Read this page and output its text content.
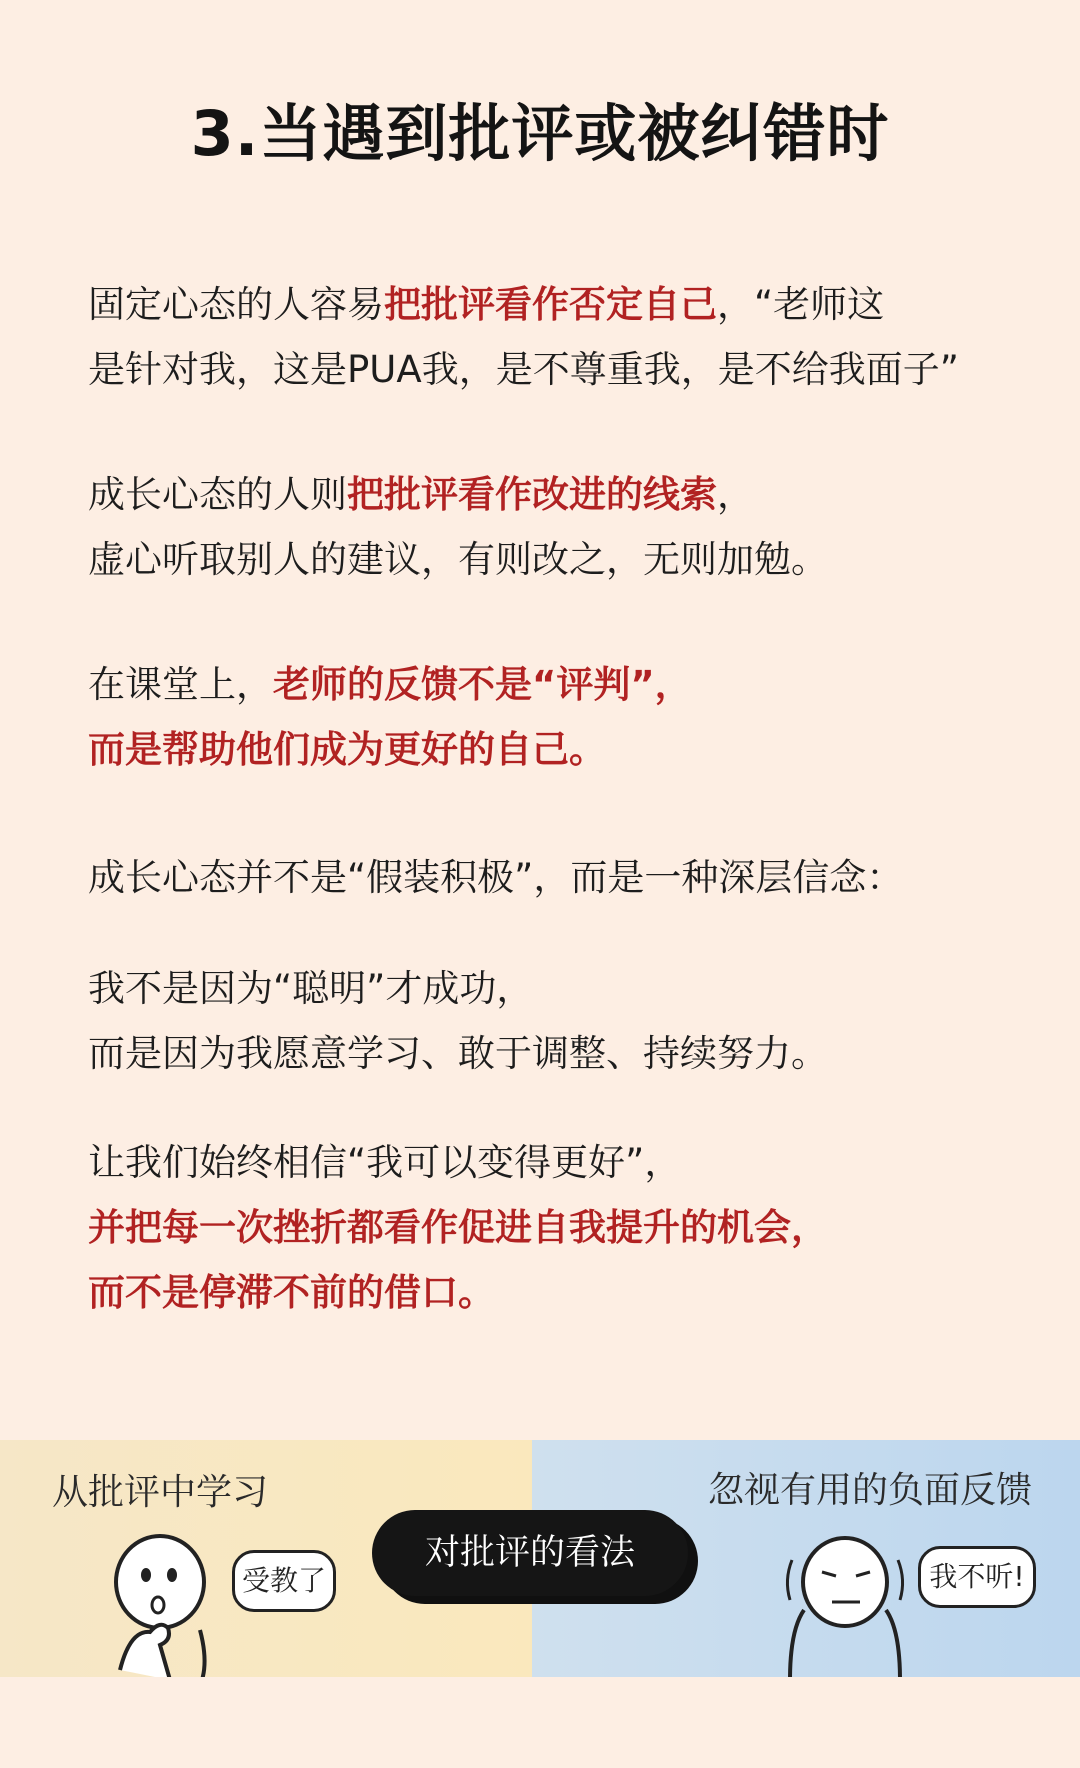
3.当遇到批评或被纠错时
固定心态的人容易把批评看作否定自己，“老师这
是针对我，这是PUA我，是不尊重我，是不给我面子”
成长心态的人则把批评看作改进的线索，
虚心听取别人的建议，有则改之，无则加勉。
在课堂上，老师的反馈不是“评判”，
而是帮助他们成为更好的自己。
成长心态并不是“假装积极”，而是一种深层信念：
我不是因为“聪明”才成功，
而是因为我愿意学习、敢于调整、持续努力。
让我们始终相信“我可以变得更好”，
并把每一次挫折都看作促进自我提升的机会，
而不是停滞不前的借口。
从批评中学习	忽视有用的负面反馈
受教了
对批评的看法
我不听!
